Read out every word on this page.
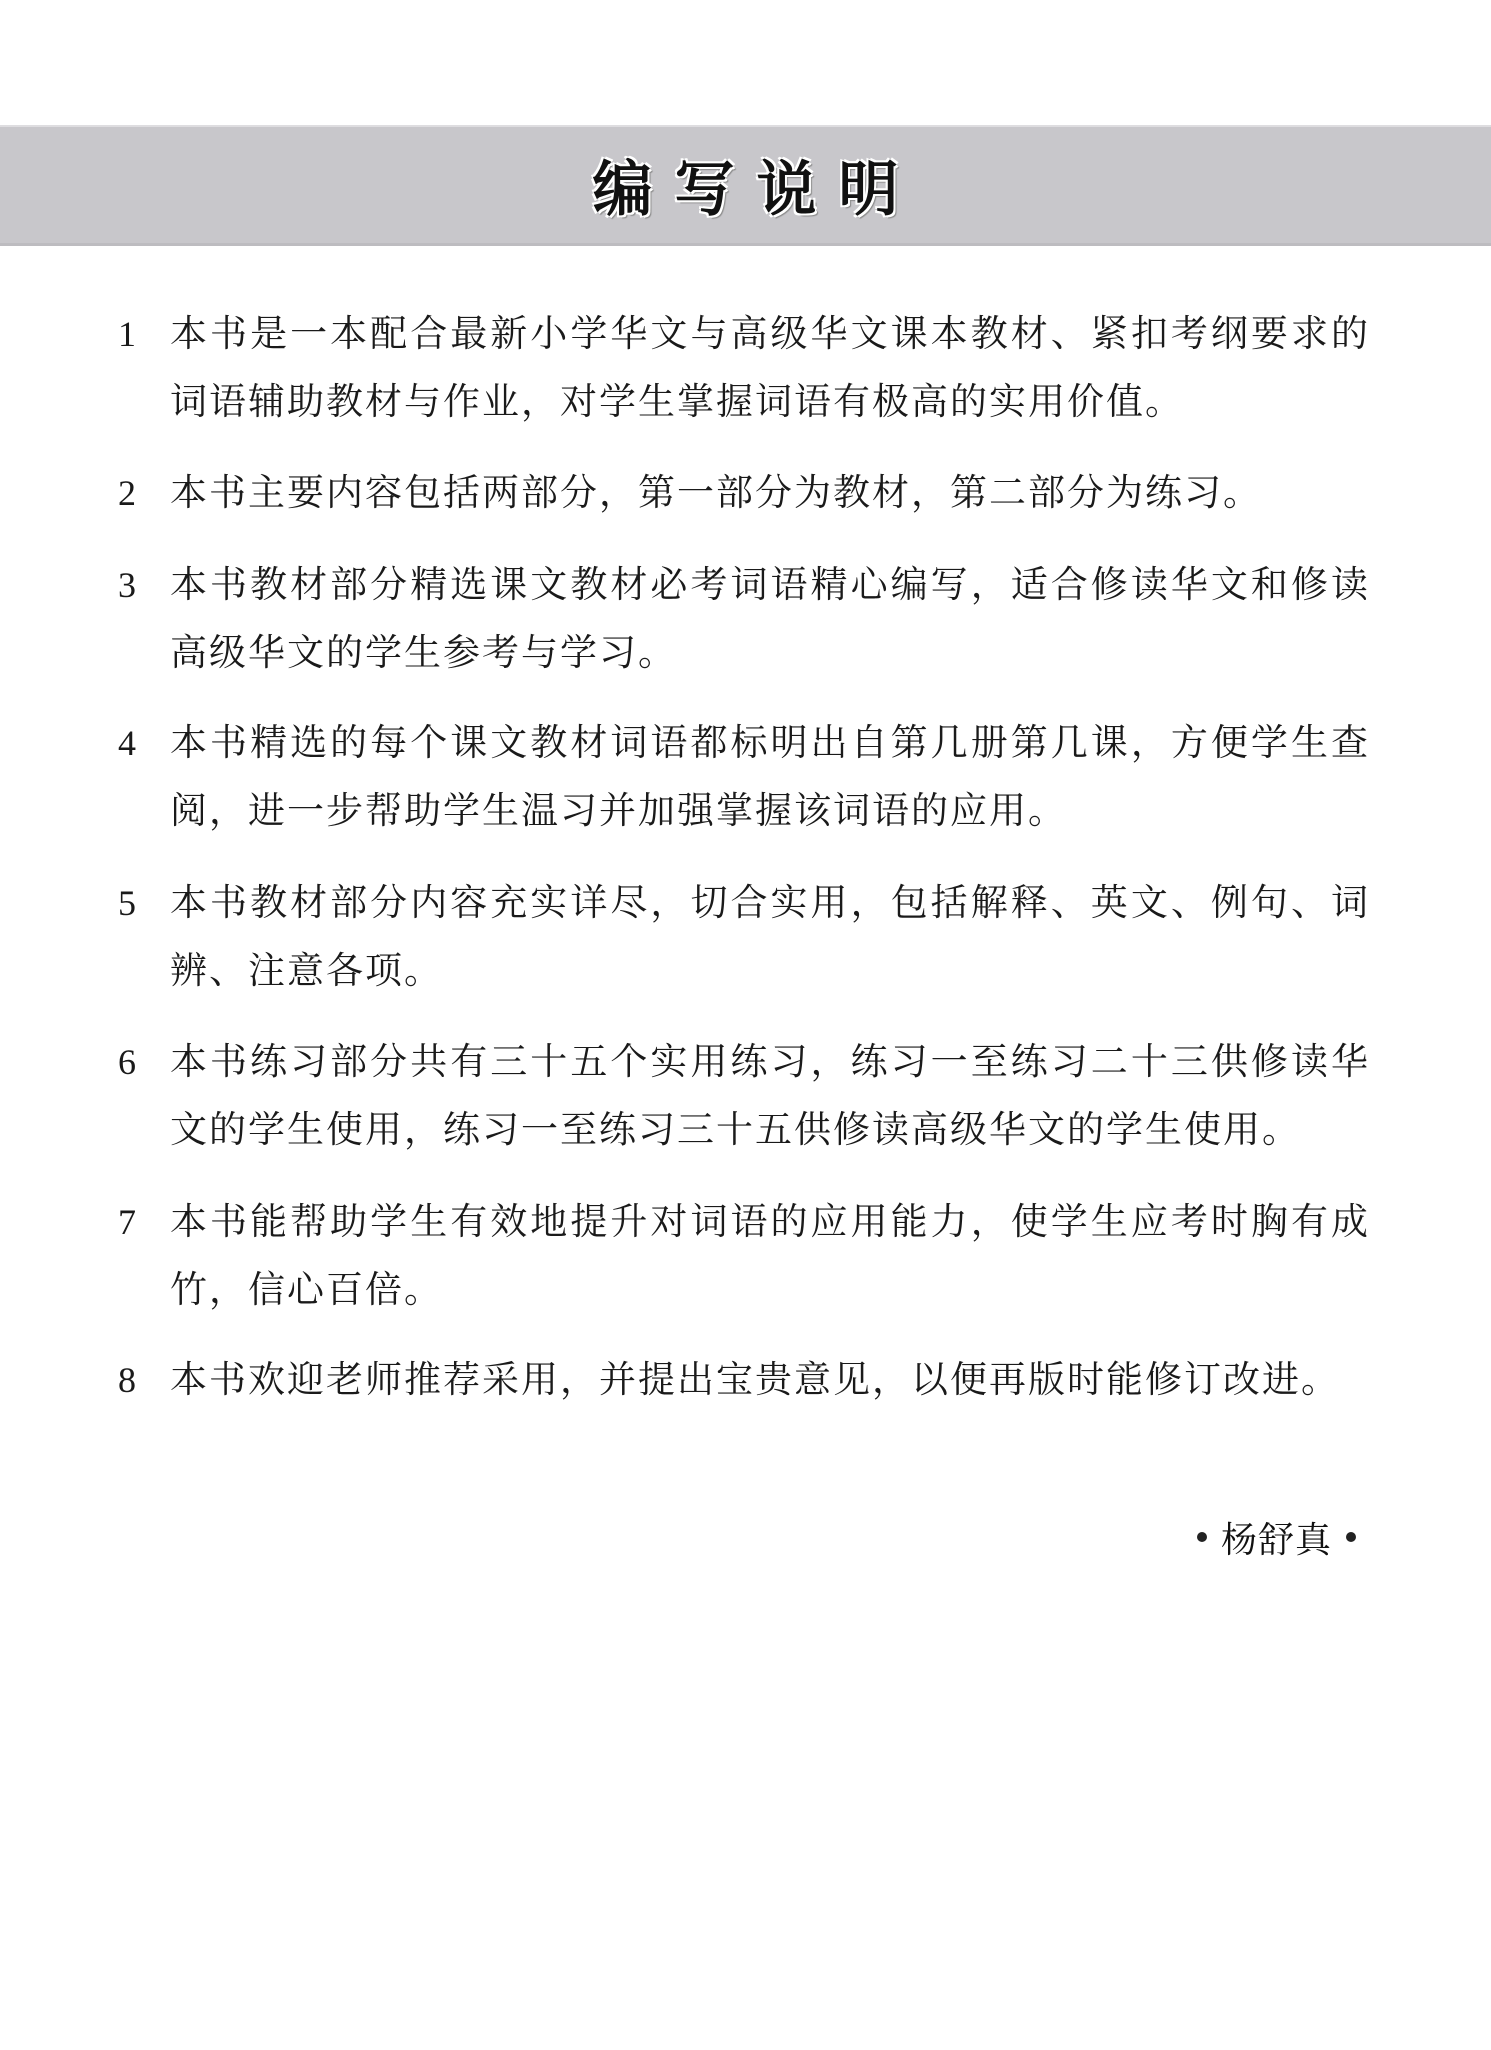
编写说明
1 本书是一本配合最新小学华文与高级华文课本教材、紧扣考纲要求的词语辅助教材与作业，对学生掌握词语有极高的实用价值。
2 本书主要内容包括两部分，第一部分为教材，第二部分为练习。
3 本书教材部分精选课文教材必考词语精心编写，适合修读华文和修读高级华文的学生参考与学习。
4 本书精选的每个课文教材词语都标明出自第几册第几课，方便学生查阅，进一步帮助学生温习并加强掌握该词语的应用。
5 本书教材部分内容充实详尽，切合实用，包括解释、英文、例句、词辨、注意各项。
6 本书练习部分共有三十五个实用练习，练习一至练习二十三供修读华文的学生使用，练习一至练习三十五供修读高级华文的学生使用。
7 本书能帮助学生有效地提升对词语的应用能力，使学生应考时胸有成竹，信心百倍。
8 本书欢迎老师推荐采用，并提出宝贵意见，以便再版时能修订改进。
杨舒真
